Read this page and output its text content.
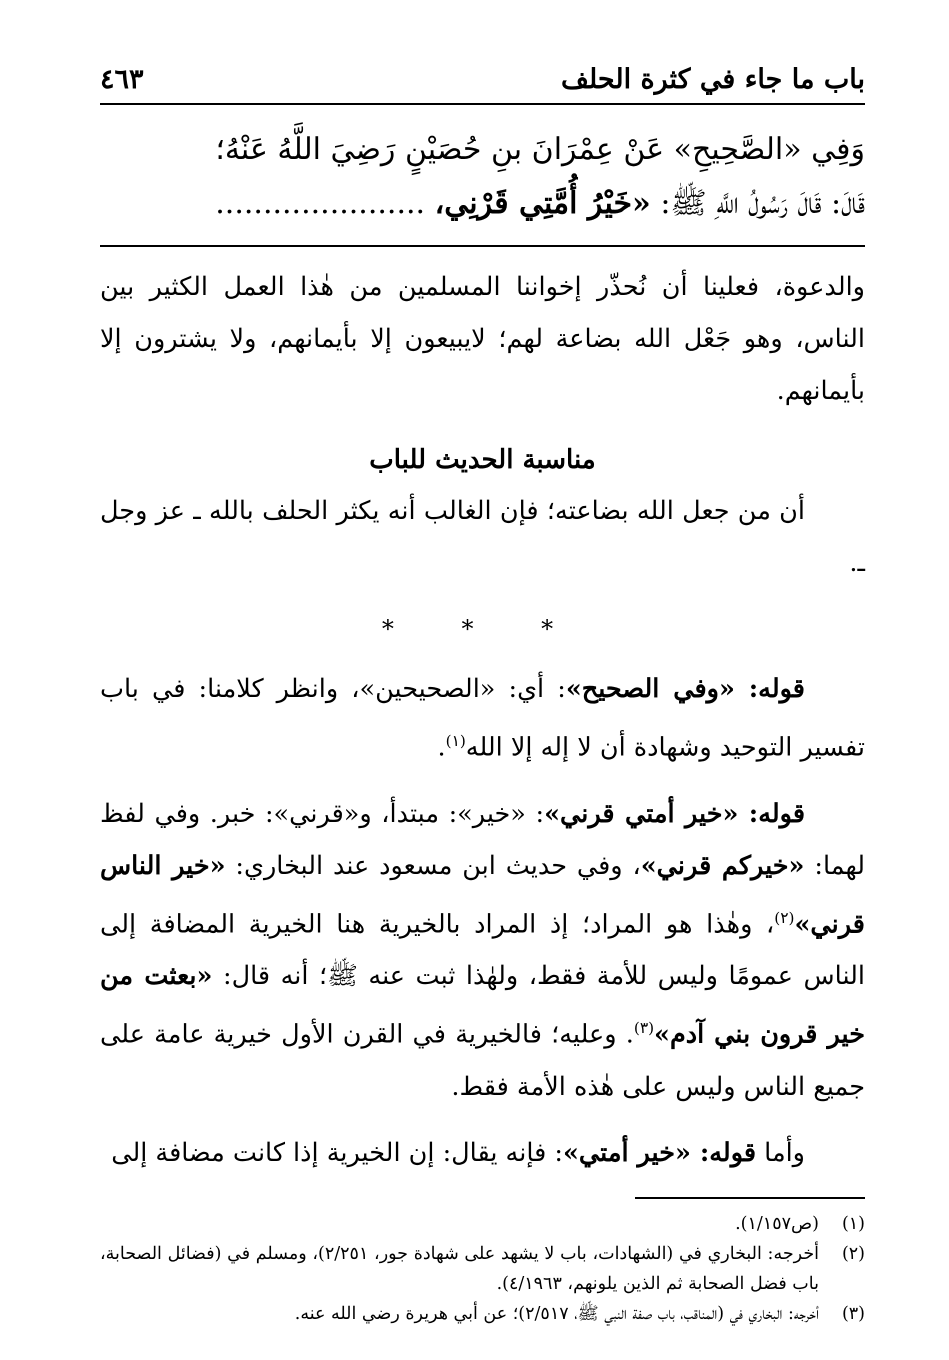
باب ما جاء في كثرة الحلف
٤٦٣
وَفِي «الصَّحِيحِ» عَنْ عِمْرَانَ بنِ حُصَيْنٍ رَضِيَ اللَّهُ عَنْهُ؛
قَالَ: قَالَ رَسُولُ اللَّهِ ﷺ: «خَيْرُ أُمَّتِي قَرْنِي، ......................

والدعوة، فعلينا أن نُحذّر إخواننا المسلمين من هٰذا العمل الكثير بين الناس، وهو جَعْل الله بضاعة لهم؛ لايبيعون إلا بأيمانهم، ولا يشترون إلا بأيمانهم.

مناسبة الحديث للباب

أن من جعل الله بضاعته؛ فإن الغالب أنه يكثر الحلف بالله ـ عز وجل ـ.

* * *

قوله: «وفي الصحيح»: أي: «الصحيحين»، وانظر كلامنا: في باب تفسير التوحيد وشهادة أن لا إله إلا الله$^{(١)}$.

قوله: «خير أمتي قرني»: «خير»: مبتدأ، و«قرني»: خبر. وفي لفظ لهما: «خيركم قرني»، وفي حديث ابن مسعود عند البخاري: «خير الناس قرني»$^{(٢)}$، وهٰذا هو المراد؛ إذ المراد بالخيرية هنا الخيرية المضافة إلى الناس عمومًا وليس للأمة فقط، ولهٰذا ثبت عنه ﷺ؛ أنه قال: «بعثت من خير قرون بني آدم»$^{(٣)}$. وعليه؛ فالخيرية في القرن الأول خيرية عامة على جميع الناس وليس على هٰذه الأمة فقط.

وأما قوله: «خير أمتي»: فإنه يقال: إن الخيرية إذا كانت مضافة إلى

(١)
(ص١/١٥٧).
(٢)
أخرجه: البخاري في (الشهادات، باب لا يشهد على شهادة جور، ٢/٢٥١)، ومسلم في (فضائل الصحابة، باب فضل الصحابة ثم الذين يلونهم، ٤/١٩٦٣).
(٣)
أخرجه: البخاري في (المناقب، باب صفة النبي ﷺ، ٢/٥١٧)؛ عن أبي هريرة رضي الله عنه.
